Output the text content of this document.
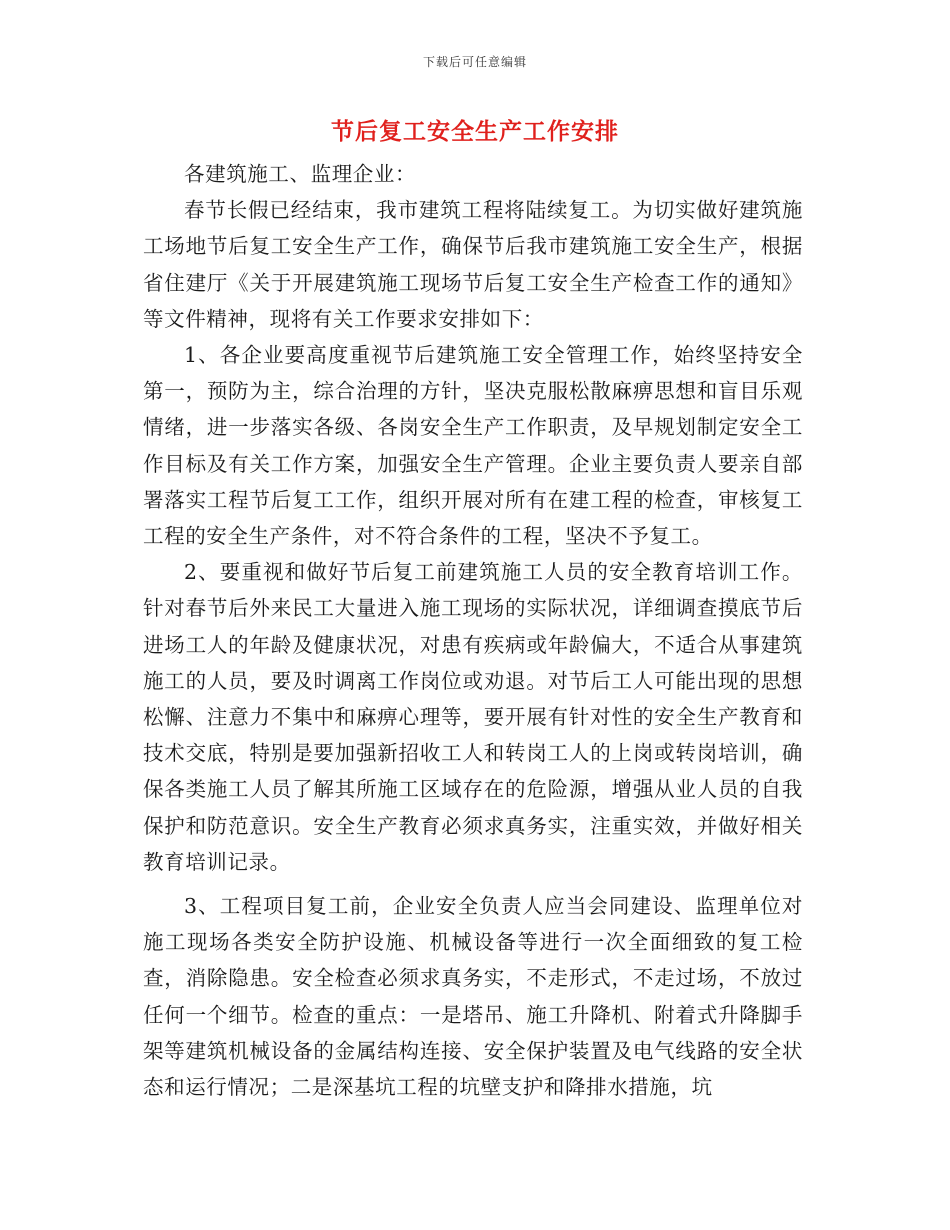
下载后可任意编辑
节后复工安全生产工作安排

各建筑施工、监理企业：

春节长假已经结束，我市建筑工程将陆续复工。为切实做好建筑施工场地节后复工安全生产工作，确保节后我市建筑施工安全生产，根据省住建厅《关于开展建筑施工现场节后复工安全生产检查工作的通知》等文件精神，现将有关工作要求安排如下：

1、各企业要高度重视节后建筑施工安全管理工作，始终坚持安全第一，预防为主，综合治理的方针，坚决克服松散麻痹思想和盲目乐观情绪，进一步落实各级、各岗安全生产工作职责，及早规划制定安全工作目标及有关工作方案，加强安全生产管理。企业主要负责人要亲自部署落实工程节后复工工作，组织开展对所有在建工程的检查，审核复工工程的安全生产条件，对不符合条件的工程，坚决不予复工。

2、要重视和做好节后复工前建筑施工人员的安全教育培训工作。针对春节后外来民工大量进入施工现场的实际状况，详细调查摸底节后进场工人的年龄及健康状况，对患有疾病或年龄偏大，不适合从事建筑施工的人员，要及时调离工作岗位或劝退。对节后工人可能出现的思想松懈、注意力不集中和麻痹心理等，要开展有针对性的安全生产教育和技术交底，特别是要加强新招收工人和转岗工人的上岗或转岗培训，确保各类施工人员了解其所施工区域存在的危险源，增强从业人员的自我保护和防范意识。安全生产教育必须求真务实，注重实效，并做好相关教育培训记录。

3、工程项目复工前，企业安全负责人应当会同建设、监理单位对施工现场各类安全防护设施、机械设备等进行一次全面细致的复工检查，消除隐患。安全检查必须求真务实，不走形式，不走过场，不放过任何一个细节。检查的重点：一是塔吊、施工升降机、附着式升降脚手架等建筑机械设备的金属结构连接、安全保护装置及电气线路的安全状态和运行情况；二是深基坑工程的坑壁支护和降排水措施，坑
